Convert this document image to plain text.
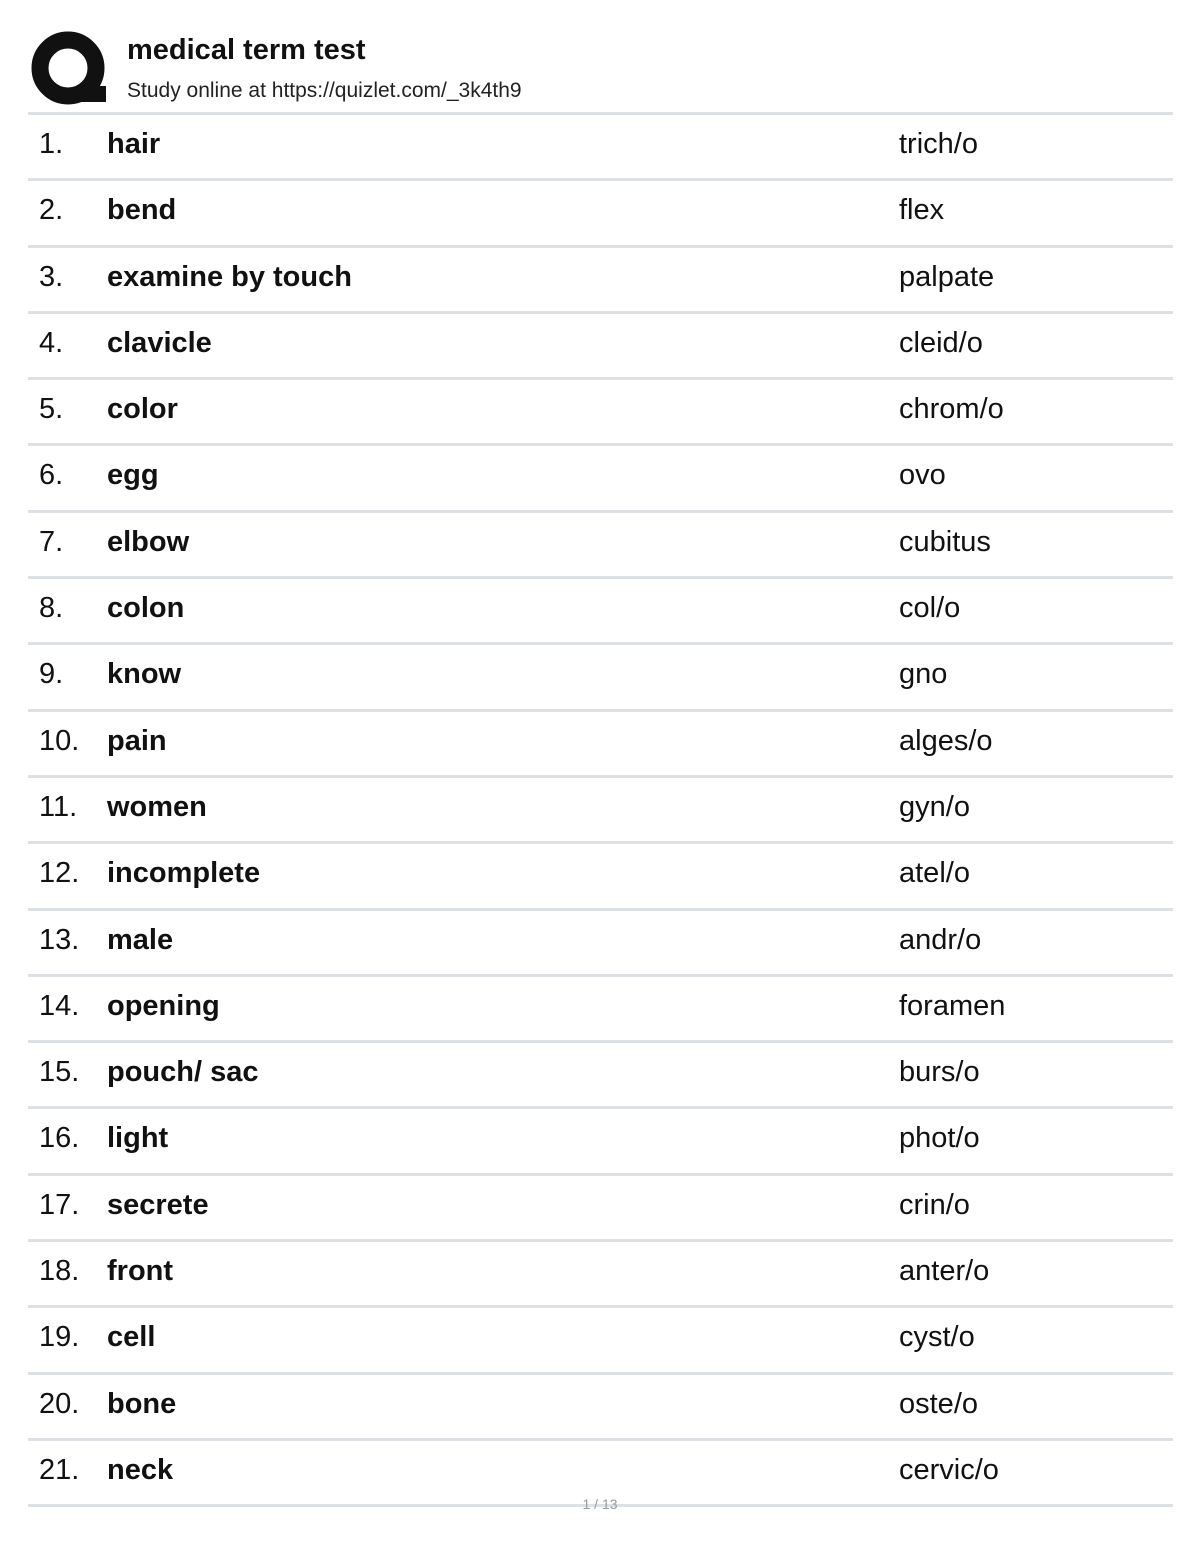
medical term test
Study online at https://quizlet.com/_3k4th9
1. hair	trich/o
2. bend	flex
3. examine by touch	palpate
4. clavicle	cleid/o
5. color	chrom/o
6. egg	ovo
7. elbow	cubitus
8. colon	col/o
9. know	gno
10. pain	alges/o
11. women	gyn/o
12. incomplete	atel/o
13. male	andr/o
14. opening	foramen
15. pouch/ sac	burs/o
16. light	phot/o
17. secrete	crin/o
18. front	anter/o
19. cell	cyst/o
20. bone	oste/o
21. neck	cervic/o
1 / 13
